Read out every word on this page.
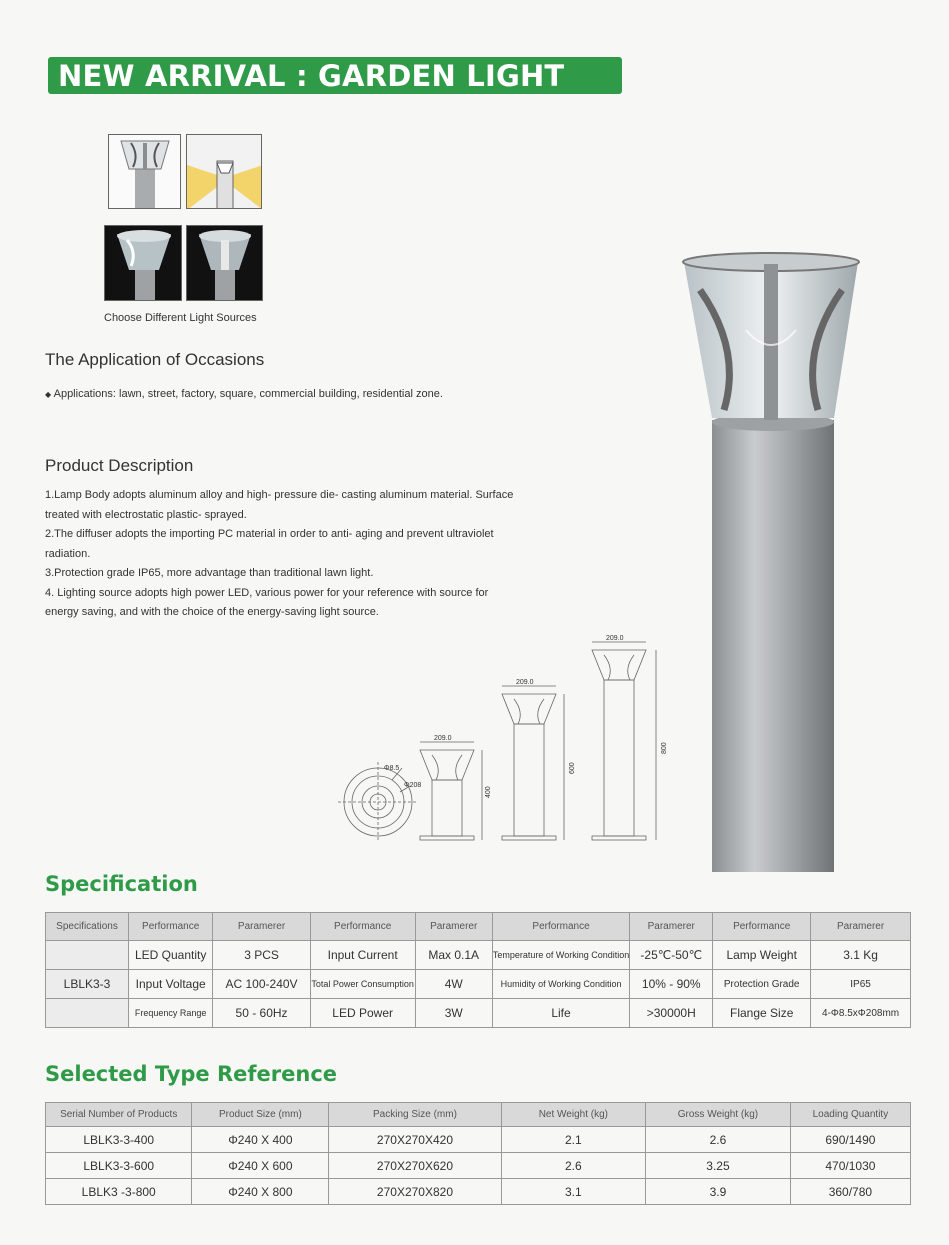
NEW ARRIVAL : GARDEN LIGHT
Choose Different Light Sources
The Application of Occasions
◆ Applications: lawn, street, factory, square, commercial building, residential zone.
Product Description
1.Lamp Body adopts aluminum alloy and high- pressure die- casting aluminum material. Surface
treated with electrostatic plastic- sprayed.
2.The diffuser adopts the importing PC material in order to anti- aging and prevent ultraviolet
radiation.
3.Protection grade IP65, more advantage than traditional lawn light.
4. Lighting source adopts high power LED, various power for your reference with source for
energy saving, and with the choice of the energy-saving light source.
Φ8.5
Φ208
209.0
400
209.0
600
209.0
800
Specification
Specifications	Performance	Paramerer	Performance	Paramerer	Performance	Paramerer	Performance	Paramerer
	LED Quantity	3 PCS	Input Current	Max 0.1A	Temperature of Working Condition	-25℃-50℃	Lamp Weight	3.1 Kg
LBLK3-3	Input Voltage	AC 100-240V	Total Power Consumption	4W	Humidity of Working Condition	10% - 90%	Protection Grade	IP65
	Frequency Range	50 - 60Hz	LED Power	3W	Life	>30000H	Flange Size	4-Φ8.5xΦ208mm
Selected Type Reference
Serial Number of Products	Product Size (mm)	Packing Size (mm)	Net Weight (kg)	Gross Weight (kg)	Loading Quantity
LBLK3-3-400	Φ240 X 400	270X270X420	2.1	2.6	690/1490
LBLK3-3-600	Φ240 X 600	270X270X620	2.6	3.25	470/1030
LBLK3 -3-800	Φ240 X 800	270X270X820	3.1	3.9	360/780
